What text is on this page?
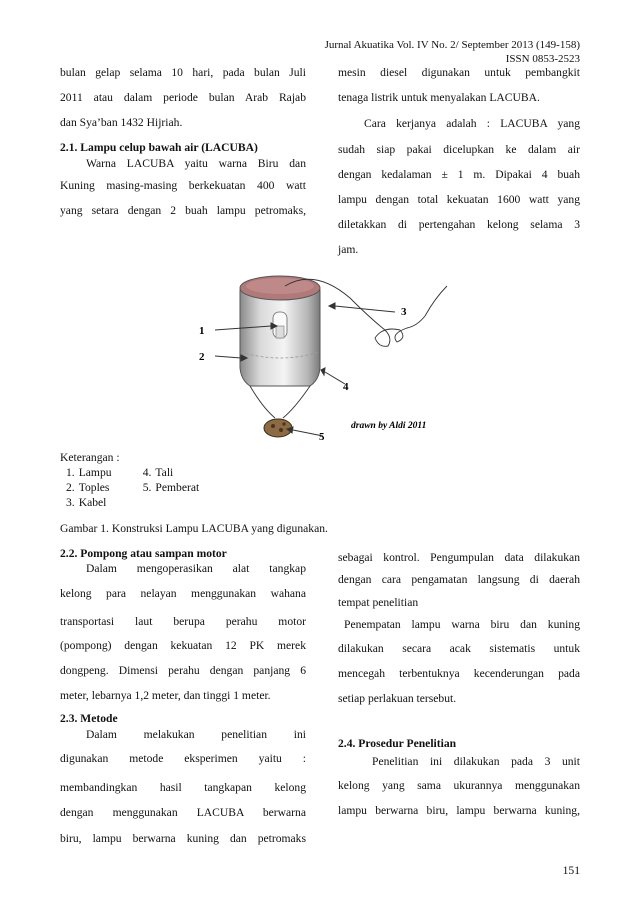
Jurnal Akuatika Vol. IV No. 2/ September 2013 (149-158)
ISSN 0853-2523

bulan gelap selama 10 hari, pada bulan Juli

2011 atau dalam periode bulan Arab Rajab

dan Sya’ban 1432 Hijriah.

2.1. Lampu celup bawah air (LACUBA)

Warna LACUBA yaitu warna Biru dan

Kuning masing-masing berkekuatan 400 watt

yang setara dengan 2 buah lampu petromaks,

mesin diesel digunakan untuk pembangkit

tenaga listrik untuk menyalakan LACUBA.

Cara kerjanya adalah : LACUBA yang

sudah siap pakai dicelupkan ke dalam air

dengan kedalaman ± 1 m. Dipakai 4 buah

lampu dengan total kekuatan 1600 watt yang

diletakkan di pertengahan kelong selama 3

jam.

1
2
3
4
5
drawn by Aldi 2011
Keterangan :
1.	Lampu	4.	Tali
2.	Toples	5.	Pemberat
3.	Kabel		
Gambar 1. Konstruksi Lampu LACUBA yang digunakan.
2.2. Pompong atau sampan motor

Dalam mengoperasikan alat tangkap

kelong para nelayan menggunakan wahana

transportasi laut berupa perahu motor

(pompong) dengan kekuatan 12 PK merek

dongpeng. Dimensi perahu dengan panjang 6

meter, lebarnya 1,2 meter, dan tinggi 1 meter.

2.3. Metode

Dalam melakukan penelitian ini

digunakan metode eksperimen yaitu :

membandingkan hasil tangkapan kelong

dengan menggunakan LACUBA berwarna

biru, lampu berwarna kuning dan petromaks

sebagai kontrol. Pengumpulan data dilakukan

dengan cara pengamatan langsung di daerah

tempat penelitian

Penempatan lampu warna biru dan kuning

dilakukan secara acak sistematis untuk

mencegah terbentuknya kecenderungan pada

setiap perlakuan tersebut.

2.4. Prosedur Penelitian

Penelitian ini dilakukan pada 3 unit

kelong yang sama ukurannya menggunakan

lampu berwarna biru, lampu berwarna kuning,

151
